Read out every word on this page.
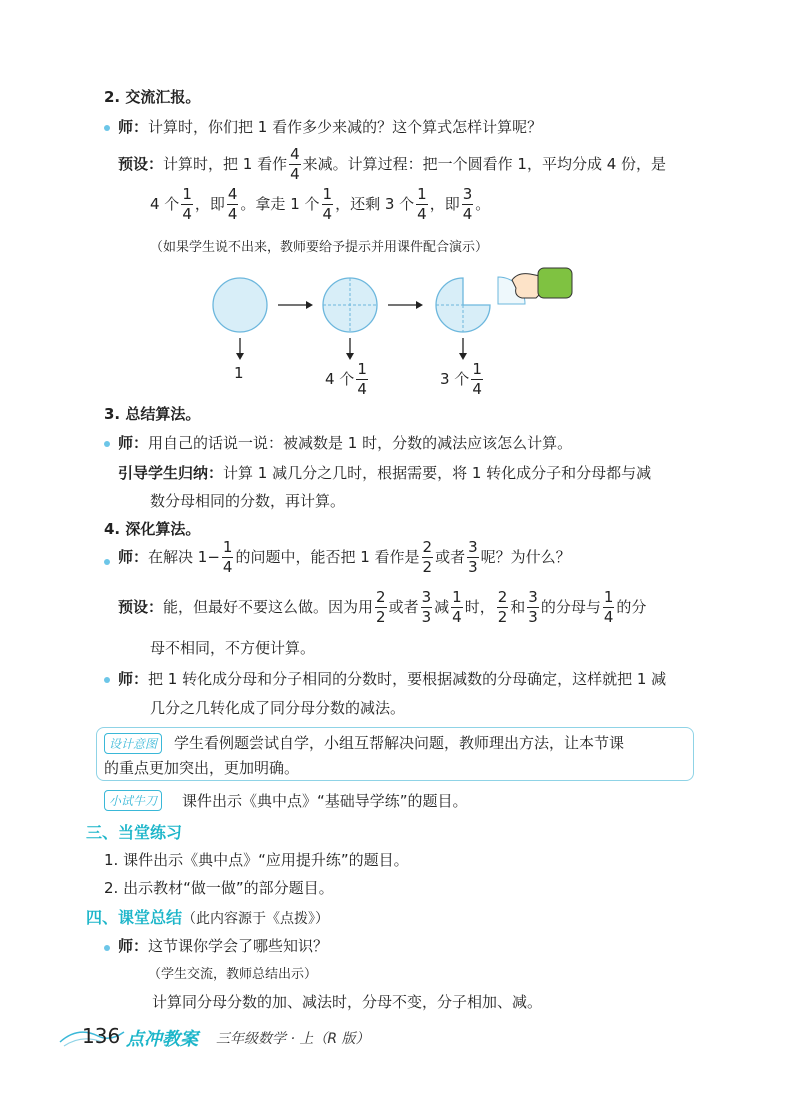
2. 交流汇报。
师：计算时，你们把 1 看作多少来减的？这个算式怎样计算呢？
预设：计算时，把 1 看作 $\frac{4}{4}$ 来减。计算过程：把一个圆看作 1，平均分成 4 份，是
4 个 $\frac{1}{4}$ ，即 $\frac{4}{4}$ 。拿走 1 个 $\frac{1}{4}$ ，还剩 3 个 $\frac{1}{4}$ ，即 $\frac{3}{4}$ 。
（如果学生说不出来，教师要给予提示并用课件配合演示）
1	4 个 $\frac{1}{4}$	3 个 $\frac{1}{4}$
3. 总结算法。
师：用自己的话说一说：被减数是 1 时，分数的减法应该怎么计算。
引导学生归纳：计算 1 减几分之几时，根据需要，将 1 转化成分子和分母都与减
数分母相同的分数，再计算。
4. 深化算法。
师：在解决 $1- \frac{1}{4}$ 的问题中，能否把 1 看作是 $\frac{2}{2}$ 或者 $\frac{3}{3}$ 呢？为什么？
预设：能，但最好不要这么做。因为用 $\frac{2}{2}$ 或者 $\frac{3}{3}$ 减 $\frac{1}{4}$ 时， $\frac{2}{2}$ 和 $\frac{3}{3}$ 的分母与 $\frac{1}{4}$ 的分
母不相同，不方便计算。
师：把 1 转化成分母和分子相同的分数时，要根据减数的分母确定，这样就把 1 减
几分之几转化成了同分母分数的减法。
设计意图	学生看例题尝试自学，小组互帮解决问题，教师理出方法，让本节课
的重点更加突出，更加明确。
小试牛刀	课件出示《典中点》“基础导学练”的题目。
三、当堂练习
1. 课件出示《典中点》“应用提升练”的题目。
2. 出示教材“做一做”的部分题目。
四、课堂总结（此内容源于《点拨》）
师：这节课你学会了哪些知识？
（学生交流，教师总结出示）
计算同分母分数的加、减法时，分母不变，分子相加、减。
136 点冲教案 三年级数学 · 上（R 版）
